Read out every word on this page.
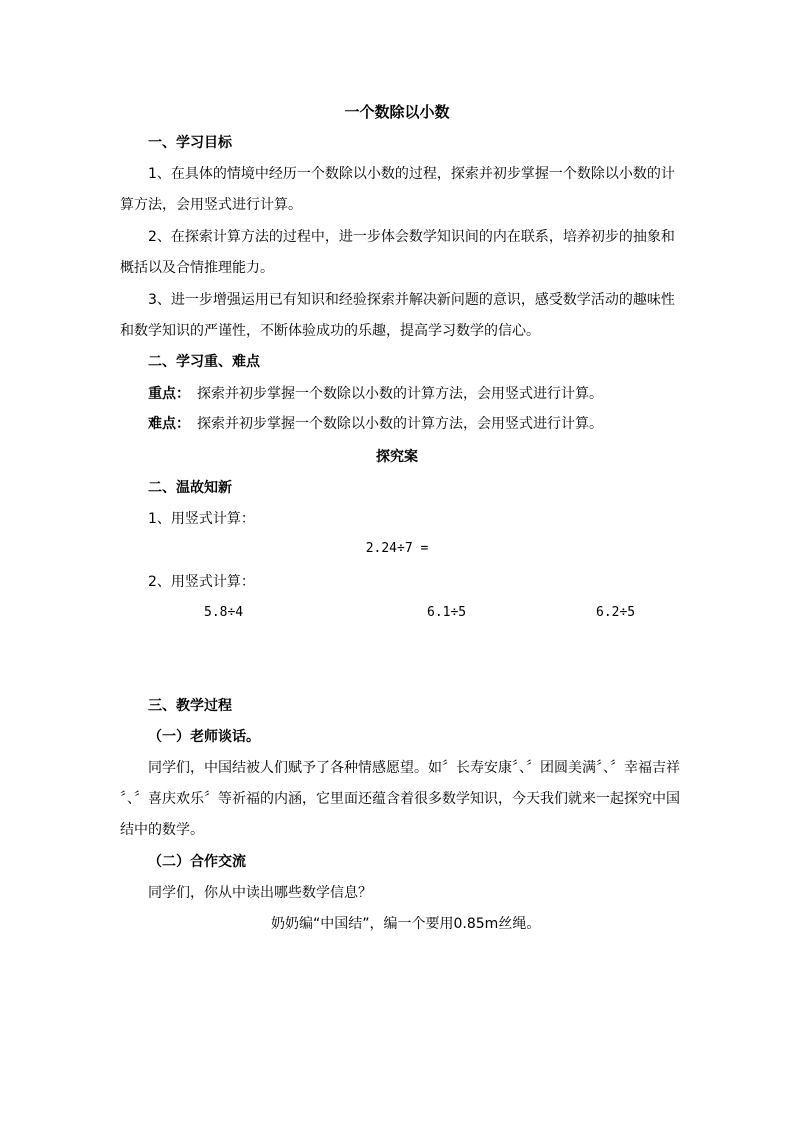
一个数除以小数
一、学习目标
1、在具体的情境中经历一个数除以小数的过程，探索并初步掌握一个数除以小数的计
算方法，会用竖式进行计算。
2、在探索计算方法的过程中，进一步体会数学知识间的内在联系，培养初步的抽象和
概括以及合情推理能力。
3、进一步增强运用已有知识和经验探索并解决新问题的意识，感受数学活动的趣味性
和数学知识的严谨性，不断体验成功的乐趣，提高学习数学的信心。
二、学习重、难点
重点： 探索并初步掌握一个数除以小数的计算方法，会用竖式进行计算。
难点： 探索并初步掌握一个数除以小数的计算方法，会用竖式进行计算。
探究案
二、温故知新
1、用竖式计算：
2.24÷7 =
2、用竖式计算：
5.8÷4	6.1÷5	6.2÷5
三、教学过程
（一）老师谈话。
同学们，中国结被人们赋予了各种情感愿望。如〞长寿安康〞、〞团圆美满〞、〞幸福吉祥
〞、〞喜庆欢乐〞等祈福的内涵，它里面还蕴含着很多数学知识，今天我们就来一起探究中国
结中的数学。
（二）合作交流
同学们，你从中读出哪些数学信息？
奶奶编“中国结”，编一个要用0.85m丝绳。
